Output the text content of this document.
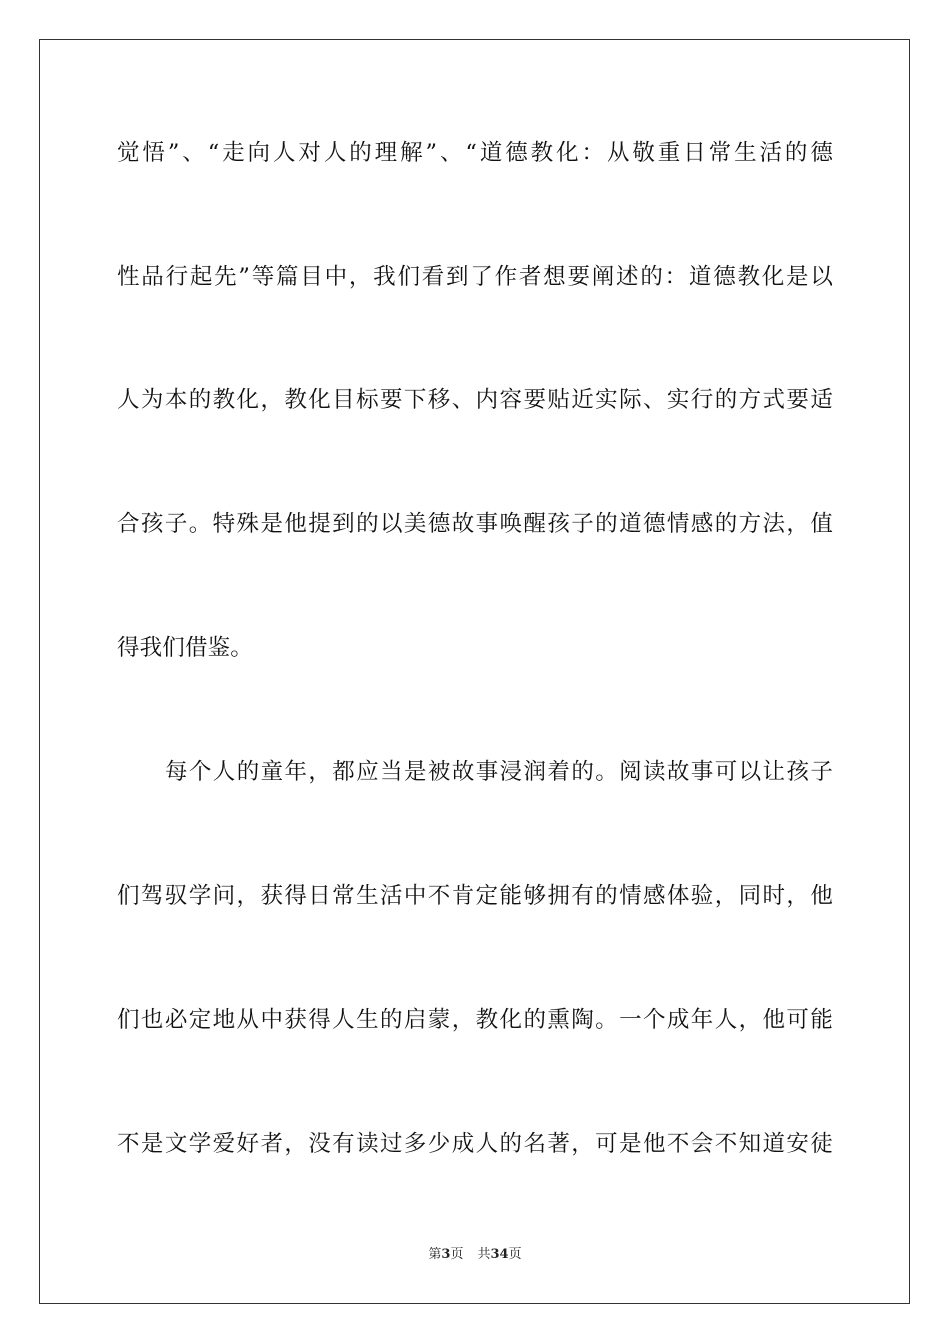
觉悟”、“走向人对人的理解”、“道德教化：从敬重日常生活的德
性品行起先”等篇目中，我们看到了作者想要阐述的：道德教化是以
人为本的教化，教化目标要下移、内容要贴近实际、实行的方式要适
合孩子。特殊是他提到的以美德故事唤醒孩子的道德情感的方法，值
得我们借鉴。
每个人的童年，都应当是被故事浸润着的。阅读故事可以让孩子
们驾驭学问，获得日常生活中不肯定能够拥有的情感体验，同时，他
们也必定地从中获得人生的启蒙，教化的熏陶。一个成年人，他可能
不是文学爱好者，没有读过多少成人的名著，可是他不会不知道安徒
第3页 共34页
